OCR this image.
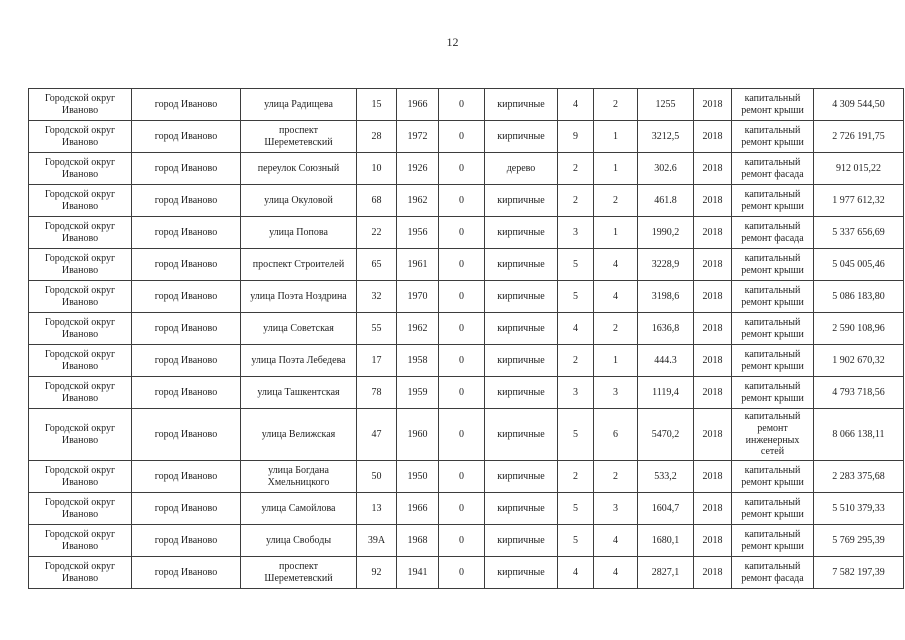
12
Городской округ Иваново	город Иваново	улица Радищева	15	1966	0	кирпичные	4	2	1255	2018	капитальный ремонт крыши	4 309 544,50
Городской округ Иваново	город Иваново	проспект Шереметевский	28	1972	0	кирпичные	9	1	3212,5	2018	капитальный ремонт крыши	2 726 191,75
Городской округ Иваново	город Иваново	переулок Союзный	10	1926	0	дерево	2	1	302.6	2018	капитальный ремонт фасада	912 015,22
Городской округ Иваново	город Иваново	улица Окуловой	68	1962	0	кирпичные	2	2	461.8	2018	капитальный ремонт крыши	1 977 612,32
Городской округ Иваново	город Иваново	улица Попова	22	1956	0	кирпичные	3	1	1990,2	2018	капитальный ремонт фасада	5 337 656,69
Городской округ Иваново	город Иваново	проспект Строителей	65	1961	0	кирпичные	5	4	3228,9	2018	капитальный ремонт крыши	5 045 005,46
Городской округ Иваново	город Иваново	улица Поэта Ноздрина	32	1970	0	кирпичные	5	4	3198,6	2018	капитальный ремонт крыши	5 086 183,80
Городской округ Иваново	город Иваново	улица Советская	55	1962	0	кирпичные	4	2	1636,8	2018	капитальный ремонт крыши	2 590 108,96
Городской округ Иваново	город Иваново	улица Поэта Лебедева	17	1958	0	кирпичные	2	1	444.3	2018	капитальный ремонт крыши	1 902 670,32
Городской округ Иваново	город Иваново	улица Ташкентская	78	1959	0	кирпичные	3	3	1119,4	2018	капитальный ремонт крыши	4 793 718,56
Городской округ Иваново	город Иваново	улица Велижская	47	1960	0	кирпичные	5	6	5470,2	2018	капитальный ремонт инженерных сетей	8 066 138,11
Городской округ Иваново	город Иваново	улица Богдана Хмельницкого	50	1950	0	кирпичные	2	2	533,2	2018	капитальный ремонт крыши	2 283 375,68
Городской округ Иваново	город Иваново	улица Самойлова	13	1966	0	кирпичные	5	3	1604,7	2018	капитальный ремонт крыши	5 510 379,33
Городской округ Иваново	город Иваново	улица Свободы	39А	1968	0	кирпичные	5	4	1680,1	2018	капитальный ремонт крыши	5 769 295,39
Городской округ Иваново	город Иваново	проспект Шереметевский	92	1941	0	кирпичные	4	4	2827,1	2018	капитальный ремонт фасада	7 582 197,39
